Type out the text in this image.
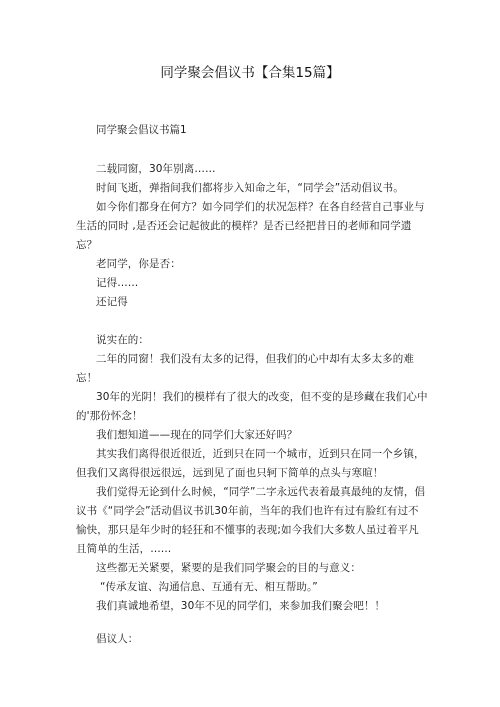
同学聚会倡议书【合集15篇】
同学聚会倡议书篇1

二载同窗，30年别离……

时间飞逝，弹指间我们都将步入知命之年，“同学会”活动倡议书。

如今你们都身在何方？如今同学们的状况怎样？在各自经营自己事业与生活的同时 ,是否还会记起彼此的模样？是否已经把昔日的老师和同学遗忘？

老同学，你是否：

记得……

还记得

说实在的：

二年的同窗！我们没有太多的记得，但我们的心中却有太多太多的难忘！

30年的光阴！我们的模样有了很大的改变，但不变的是珍藏在我们心中的'那份怀念！

我们想知道——现在的同学们大家还好吗？

其实我们离得很近很近，近到只在同一个城市，近到只在同一个乡镇，但我们又离得很远很远，远到见了面也只轲下简单的点头与寒暄！

我们觉得无论到什么时候，“同学”二字永远代表着最真最纯的友情，倡议书《“同学会”活动倡议书讥30年前，当年的我们也许有过有脸红有过不愉快，那只是年少时的轻狂和不懂事的表现;如今我们大多数人虽过着平凡且简单的生活，……

这些都无关紧要，紧要的是我们同学聚会的目的与意义：

“传承友谊、沟通信息、互通有无、相互帮助。”

我们真诚地希望，30年不见的同学们，来参加我们聚会吧！！

倡议人：
